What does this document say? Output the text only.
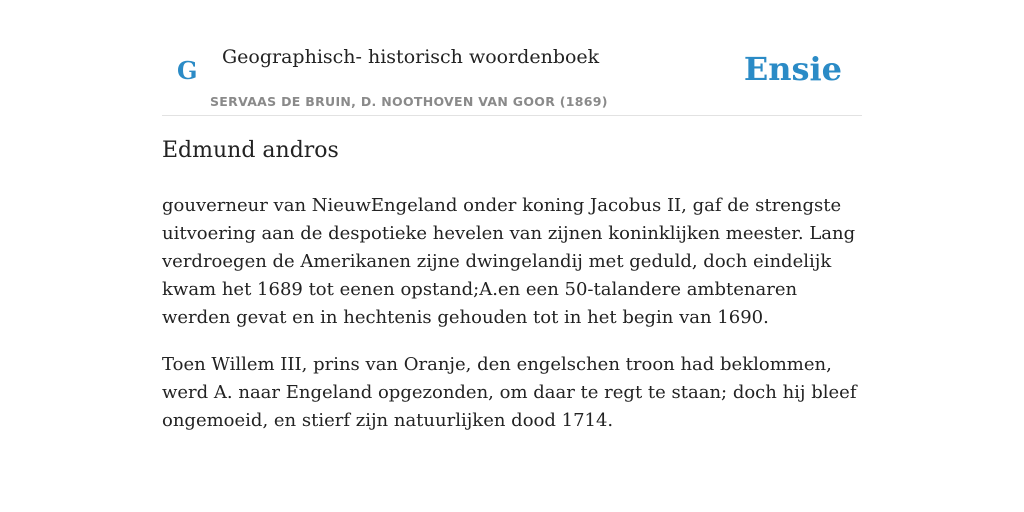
G Geographisch- historisch woordenboek
SERVAAS DE BRUIN, D. NOOTHOVEN VAN GOOR (1869)
Ensie
Edmund andros

gouverneur van NieuwEngeland onder koning Jacobus II, gaf de strengste uitvoering aan de despotieke hevelen van zijnen koninklijken meester. Lang verdroegen de Amerikanen zijne dwingelandij met geduld, doch eindelijk kwam het 1689 tot eenen opstand;A.en een 50-talandere ambtenaren werden gevat en in hechtenis gehouden tot in het begin van 1690.

Toen Willem III, prins van Oranje, den engelschen troon had beklommen, werd A. naar Engeland opgezonden, om daar te regt te staan; doch hij bleef ongemoeid, en stierf zijn natuurlijken dood 1714.
